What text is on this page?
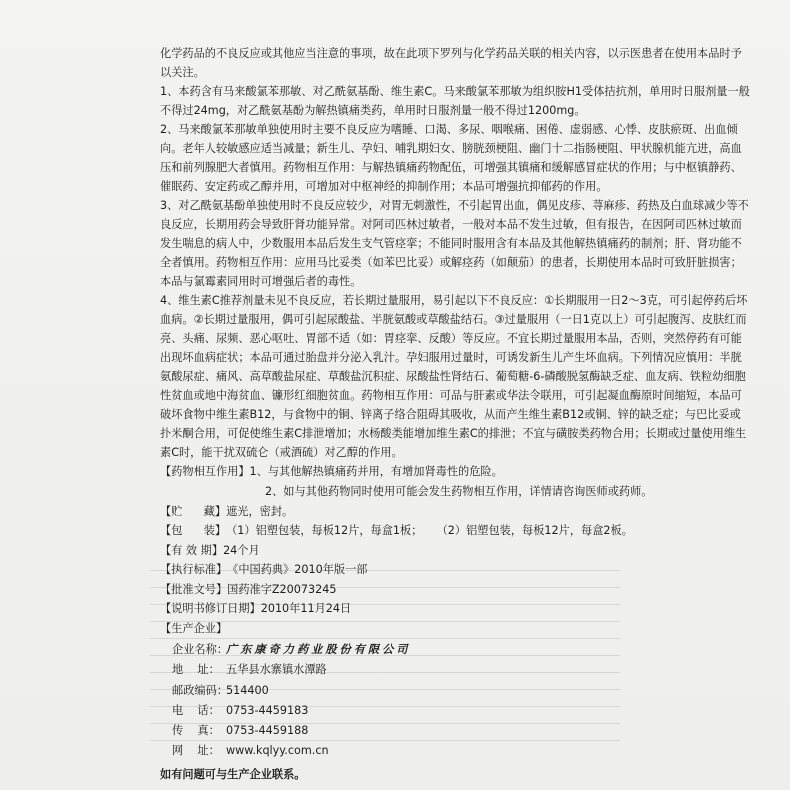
化学药品的不良反应或其他应当注意的事项，故在此项下罗列与化学药品关联的相关内容，以示医患者在使用本品时予以关注。

1、本药含有马来酸氯苯那敏、对乙酰氨基酚、维生素C。马来酸氯苯那敏为组织胺H1受体拮抗剂，单用时日服剂量一般不得过24mg，对乙酰氨基酚为解热镇痛类药，单用时日服剂量一般不得过1200mg。

2、马来酸氯苯那敏单独使用时主要不良反应为嗜睡、口渴、多尿、咽喉痛、困倦、虚弱感、心悸、皮肤瘀斑、出血倾向。老年人较敏感应适当减量；新生儿、孕妇、哺乳期妇女、膀胱颈梗阻、幽门十二指肠梗阻、甲状腺机能亢进，高血压和前列腺肥大者慎用。药物相互作用：与解热镇痛药物配伍，可增强其镇痛和缓解感冒症状的作用；与中枢镇静药、催眠药、安定药或乙醇并用，可增加对中枢神经的抑制作用；本品可增强抗抑郁药的作用。

3、对乙酰氨基酚单独使用时不良反应较少，对胃无刺激性，不引起胃出血，偶见皮疹、荨麻疹、药热及白血球减少等不良反应，长期用药会导致肝肾功能异常。对阿司匹林过敏者，一般对本品不发生过敏，但有报告，在因阿司匹林过敏而发生喘息的病人中，少数服用本品后发生支气管痉挛；不能同时服用含有本品及其他解热镇痛药的制剂；肝、肾功能不全者慎用。药物相互作用：应用马比妥类（如苯巴比妥）或解痉药（如颠茄）的患者，长期使用本品时可致肝脏损害；本品与氯霉素同用时可增强后者的毒性。

4、维生素C推荐剂量未见不良反应，若长期过量服用，易引起以下不良反应：①长期服用一日2～3克，可引起停药后坏血病。②长期过量服用，偶可引起尿酸盐、半胱氨酸或草酸盐结石。③过量服用（一日1克以上）可引起腹泻、皮肤红而亮、头痛、尿频、恶心呕吐、胃部不适（如：胃痉挛、反酸）等反应。不宜长期过量服用本品，否则，突然停药有可能出现坏血病症状；本品可通过胎盘并分泌入乳汁。孕妇服用过量时，可诱发新生儿产生坏血病。下列情况应慎用：半胱氨酸尿症、痛风、高草酸盐尿症、草酸盐沉积症、尿酸盐性肾结石、葡萄糖-6-磷酸脱氢酶缺乏症、血友病、铁粒幼细胞性贫血或地中海贫血、镰形红细胞贫血。药物相互作用：可品与肝素或华法令联用，可引起凝血酶原时间缩短，本品可破坏食物中维生素B12，与食物中的铜、锌离子络合阻碍其吸收，从而产生维生素B12或铜、锌的缺乏症；与巴比妥或扑米酮合用，可促使维生素C排泄增加；水杨酸类能增加维生素C的排泄；不宜与磺胺类药物合用；长期或过量使用维生素C时，能干扰双硫仑（戒酒硫）对乙醇的作用。

【药物相互作用】 1、与其他解热镇痛药并用，有增加肾毒性的危险。
2、如与其他药物同时使用可能会发生药物相互作用，详情请咨询医师或药师。
【贮      藏】 遮光，密封。
【包      装】 （1）铝塑包装，每板12片，每盒1板；    （2）铝塑包装，每板12片，每盒2板。
【有 效 期】 24个月
【执行标准】 《中国药典》2010年版一部
【批准文号】 国药准字Z20073245
【说明书修订日期】 2010年11月24日
【生产企业】
企业名称：
广东康奇力药业股份有限公司
地    址： 五华县水寨镇水潭路
邮政编码：
514400
电    话： 0753-4459183
传    真： 0753-4459188
网    址： www.kqlyy.com.cn
如有问题可与生产企业联系。
